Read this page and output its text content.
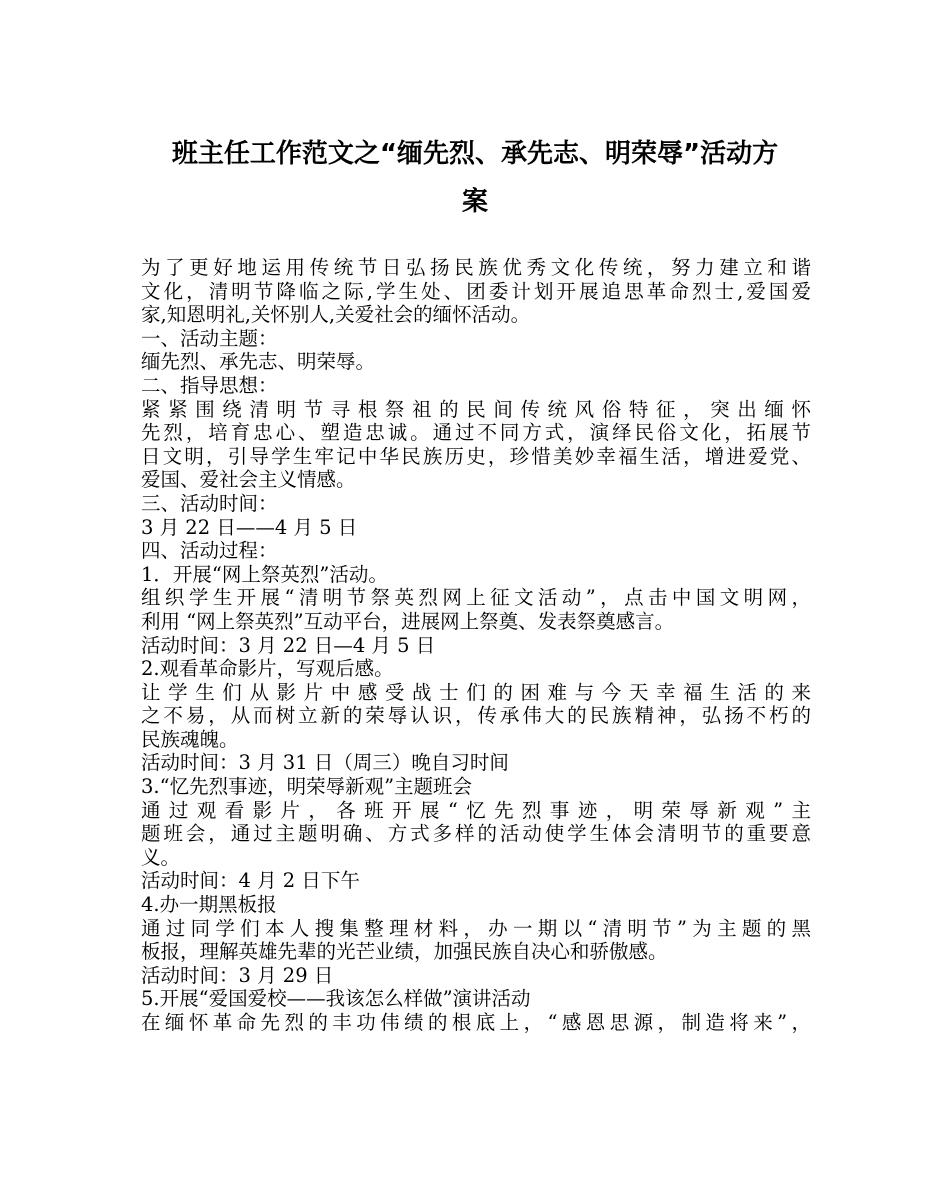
班主任工作范文之“缅先烈、承先志、明荣辱”活动方
案

为了更好地运用传统节日弘扬民族优秀文化传统，努力建立和谐

文化，清明节降临之际,学生处、团委计划开展追思革命烈士,爱国爱

家,知恩明礼,关怀别人,关爱社会的缅怀活动。

一、活动主题：

缅先烈、承先志、明荣辱。

二、指导思想：

紧紧围绕清明节寻根祭祖的民间传统风俗特征，突出缅怀

先烈，培育忠心、塑造忠诚。通过不同方式，演绎民俗文化，拓展节

日文明，引导学生牢记中华民族历史，珍惜美妙幸福生活，增进爱党、

爱国、爱社会主义情感。

三、活动时间：

3 月 22 日——4 月 5 日

四、活动过程：

1．开展“网上祭英烈”活动。

组织学生开展“清明节祭英烈网上征文活动”，点击中国文明网，

利用 “网上祭英烈”互动平台，进展网上祭奠、发表祭奠感言。

活动时间：3 月 22 日—4 月 5 日

2.观看革命影片，写观后感。

让学生们从影片中感受战士们的困难与今天幸福生活的来

之不易，从而树立新的荣辱认识，传承伟大的民族精神，弘扬不朽的

民族魂魄。

活动时间：3 月 31 日（周三）晚自习时间

3.“忆先烈事迹，明荣辱新观”主题班会

通过观看影片，各班开展“忆先烈事迹，明荣辱新观”主

题班会，通过主题明确、方式多样的活动使学生体会清明节的重要意

义。

活动时间：4 月 2 日下午

4.办一期黑板报

通过同学们本人搜集整理材料，办一期以“清明节”为主题的黑

板报，理解英雄先辈的光芒业绩，加强民族自决心和骄傲感。

活动时间：3 月 29 日

5.开展“爱国爱校——我该怎么样做”演讲活动

在缅怀革命先烈的丰功伟绩的根底上，“感恩思源，制造将来”，
